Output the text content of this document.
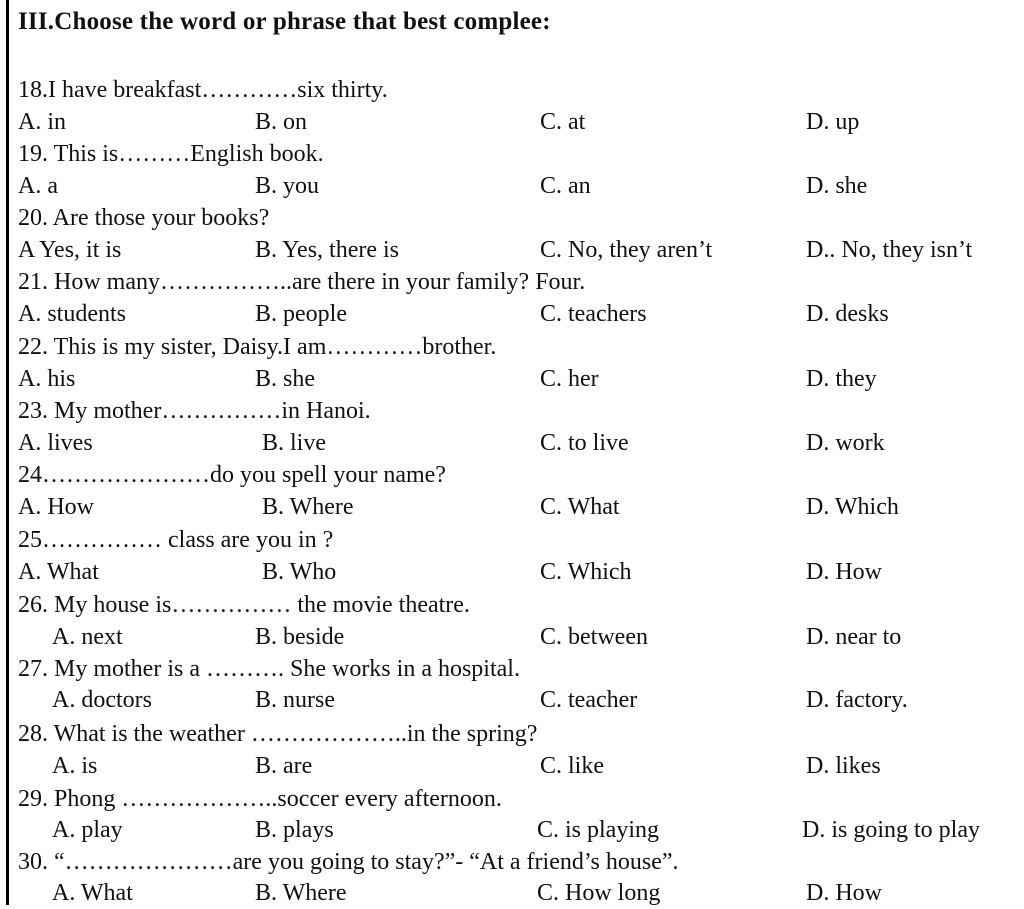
III.Choose the word or phrase that best complee:
18.I have breakfast…………six thirty.
A. in	B. on	C. at	D. up
19. This is………English book.
A. a	B. you	C. an	D. she
20. Are those your books?
A Yes, it is	B. Yes, there is	C. No, they aren’t	D.. No, they isn’t
21. How many……………..are there in your family? Four.
A. students	B. people	C. teachers	D. desks
22. This is my sister, Daisy.I am…………brother.
A. his	B. she	C. her	D. they
23. My mother……………in Hanoi.
A. lives	B. live	C. to live	D. work
24…………………do you spell your name?
A. How	B. Where	C. What	D. Which
25…………… class are you in ?
A. What	B. Who	C. Which	D. How
26. My house is…………… the movie theatre.
A. next	B. beside	C. between	D. near to
27. My mother is a ………. She works in a hospital.
A. doctors	B. nurse	C. teacher	D. factory.
28. What is the weather ………………..in the spring?
A. is	B. are	C. like	D. likes
29. Phong ………………..soccer every afternoon.
A. play	B. plays	C. is playing	D. is going to play
30. “…………………are you going to stay?”- “At a friend’s house”.
A. What	B. Where	C. How long	D. How
